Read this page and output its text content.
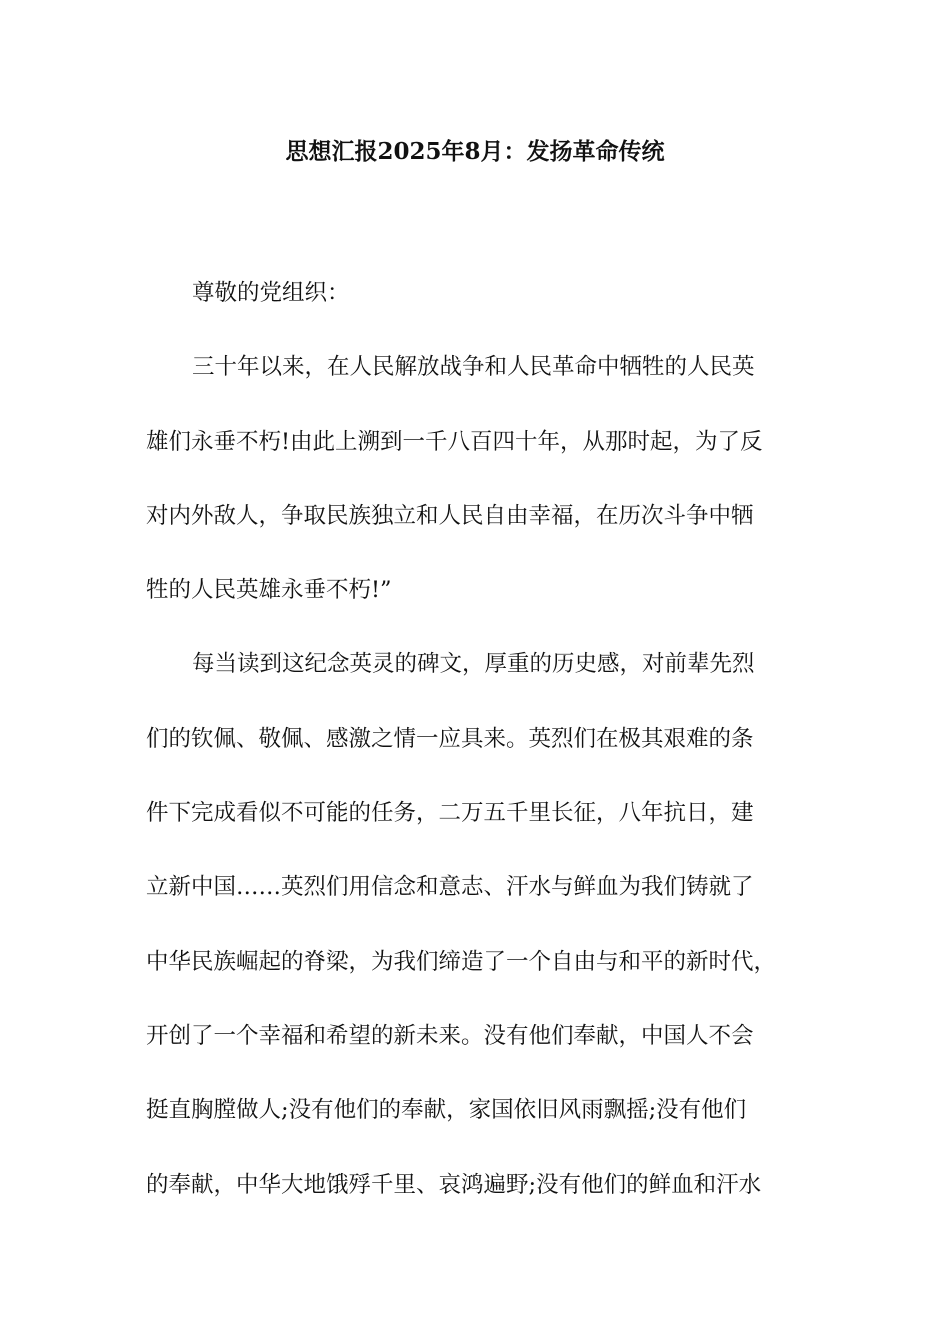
思想汇报2025年8月：发扬革命传统
尊敬的党组织：
三十年以来，在人民解放战争和人民革命中牺牲的人民英
雄们永垂不朽!由此上溯到一千八百四十年，从那时起，为了反
对内外敌人，争取民族独立和人民自由幸福，在历次斗争中牺
牲的人民英雄永垂不朽!”
每当读到这纪念英灵的碑文，厚重的历史感，对前辈先烈
们的钦佩、敬佩、感激之情一应具来。英烈们在极其艰难的条
件下完成看似不可能的任务，二万五千里长征，八年抗日，建
立新中国……英烈们用信念和意志、汗水与鲜血为我们铸就了
中华民族崛起的脊梁，为我们缔造了一个自由与和平的新时代，
开创了一个幸福和希望的新未来。没有他们奉献，中国人不会
挺直胸膛做人;没有他们的奉献，家国依旧风雨飘摇;没有他们
的奉献，中华大地饿殍千里、哀鸿遍野;没有他们的鲜血和汗水
